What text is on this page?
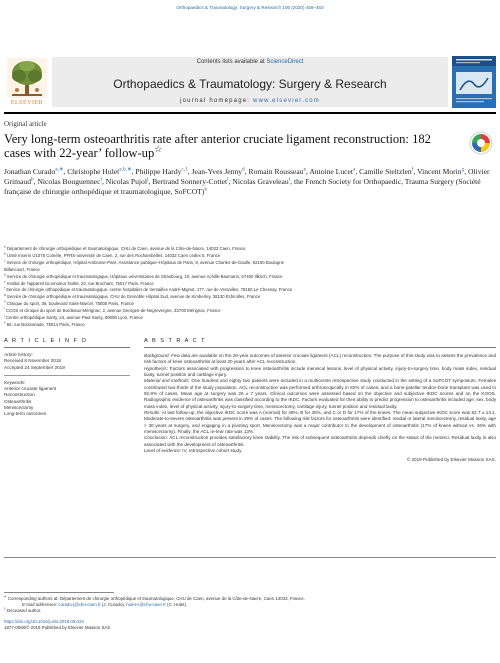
Orthopaedics & Traumatology: Surgery & Research 106 (2020) 459–463
Contents lists available at ScienceDirect
Orthopaedics & Traumatology: Surgery & Research
journal homepage: www.elsevier.com
ELSEVIER
Original article
Very long-term osteoarthritis rate after anterior cruciate ligament reconstruction: 182 cases with 22-year’ follow-up☆
Jonathan Curado$^{a,∗}$, Christophe Hulet$^{a,b,∗}$, Philippe Hardy$^{c,1}$, Jean-Yves Jenny$^d$, Romain Rousseau$^e$, Antoine Lucet$^a$, Camille Steltzlen$^f$, Vincent Morin$^g$, Olivier Grimaud$^h$, Nicolas Bouguennec$^i$, Nicolas Pujol$^j$, Bertrand Sonnery-Cottet$^l$, Nicolas Graveleau$^i$, the French Society for Orthopaedic, Trauma Surgery (Société française de chirurgie orthopédique et traumatologique, SoFCOT)$^k$
$^a$ Département de chirurgie orthopédique et traumatologique, CHU de Caen, avenue de la Côte-de-Nacre, 14033 Caen, France
$^b$ Unité Inserm U1075 Comète, PFRS-université de Caen, 2, rue des Rochambelles, 14032 Caen cedex 5, France
$^c$ Service de chirurgie orthopédique, Hôpital Ambroise-Paré, Assistance publique–Hôpitaux de Paris, 9, avenue Charles-de-Gaulle, 92100 Boulogne
Billancourt, France
$^d$ Service de chirurgie orthopédique et traumatologique, Hôpitaux universitaires de Strasbourg, 10, avenue Achille-Baumann, 67400 Illkirch, France
$^e$ Institut de l’appareil locomoteur Nollet, 23, rue Brochant, 75017 Paris, France
$^f$ Service de chirurgie orthopédique et traumatologique, centre hospitalier de Versailles André-Mignot, 177, rue de Versailles, 78150 Le Chesnay, France
$^g$ Service de chirurgie orthopédique et traumatologique, CHU de Grenoble Hôpital Sud, avenue de Kimberley, 38130 Échirolles, France
$^h$ Clinique du sport, 36, boulevard Saint-Marcel, 75005 Paris, France
$^i$ CCOS et clinique du sport de Bordeaux-Mérignac, 2, avenue Georges-de-Negrevergne, 33700 Mérignac, France
$^j$ Centre orthopédique Santy, 24, avenue Paul-Santy, 69008 Lyon, France
$^k$ 56, rue Boissonade, 75014 Paris, France
A R T I C L E I N F O
Article history:
Received 8 November 2018
Accepted 24 September 2019
Keywords:
Anterior cruciate ligament
Reconstruction
Osteoarthritis
Meniscectomy
Long-term outcomes
A B S T R A C T

Background: Few data are available on the 20-year outcomes of anterior cruciate ligament (ACL) reconstruction. The purpose of this study was to assess the prevalence and risk factors of knee osteoarthritis at least 20 years after ACL reconstruction.

Hypothesis: Factors associated with progression to knee osteoarthritis include meniscal lesions, level of physical activity, injury-to-surgery time, body mass index, residual laxity, tunnel position and cartilage injury.

Material and methods: One hundred and eighty two patients were included in a multicentre retrospective study conducted in the setting of a SoFCOT symposium. Females contributed two-thirds of the study population. ACL reconstruction was performed arthroscopically in 82% of cases, and a bone-patellar tendon-bone transplant was used in 92.8% of cases. Mean age at surgery was 26 ± 7 years. Clinical outcomes were assessed based on the objective and subjective IKDC scores and on the KOOS. Radiographic evidence of osteoarthritis was classified according to the IKDC. Factors evaluated for their ability to predict progression to osteoarthritis included age, sex, body mass index, level of physical activity, injury-to-surgery time, meniscectomy, cartilage injury, tunnel position and residual laxity.

Results: At last follow-up, the objective IKDC score was A (normal) for 48%, B for 35%, and C or D for 17% of the knees. The mean subjective IKDC score was 82.7 ± 13.1. Moderate-to-severe osteoarthritis was present in 29% of cases. The following risk factors for osteoarthritis were identified: medial or lateral meniscectomy, residual laxity, age > 30 years at surgery, and engaging in a pivoting sport. Meniscectomy was a major contributor to the development of osteoarthritis (17% of knees without vs. 46% with meniscectomy). Finally, the ACL re-tear rate was 13%.

Conclusion: ACL reconstruction provides satisfactory knee stability. The risk of subsequent osteoarthritis depends chiefly on the status of the menisci. Residual laxity is also associated with the development of osteoarthritis.

Level of evidence: IV, retrospective cohort study.

© 2019 Published by Elsevier Masson SAS.
∗ Corresponding authors at: Département de chirurgie orthopédique et traumatologique, CHU de Caen, avenue de la Côte-de-Nacre, Caen 14033, France.
E-mail addresses: curado-j@chu-caen.fr (J. Curado), hulet-c@chu-caen.fr (C. Hulet).
$^1$ Deceased author.
https://doi.org/10.1016/j.otsr.2019.05.024
1877-0568/© 2019 Published by Elsevier Masson SAS.
